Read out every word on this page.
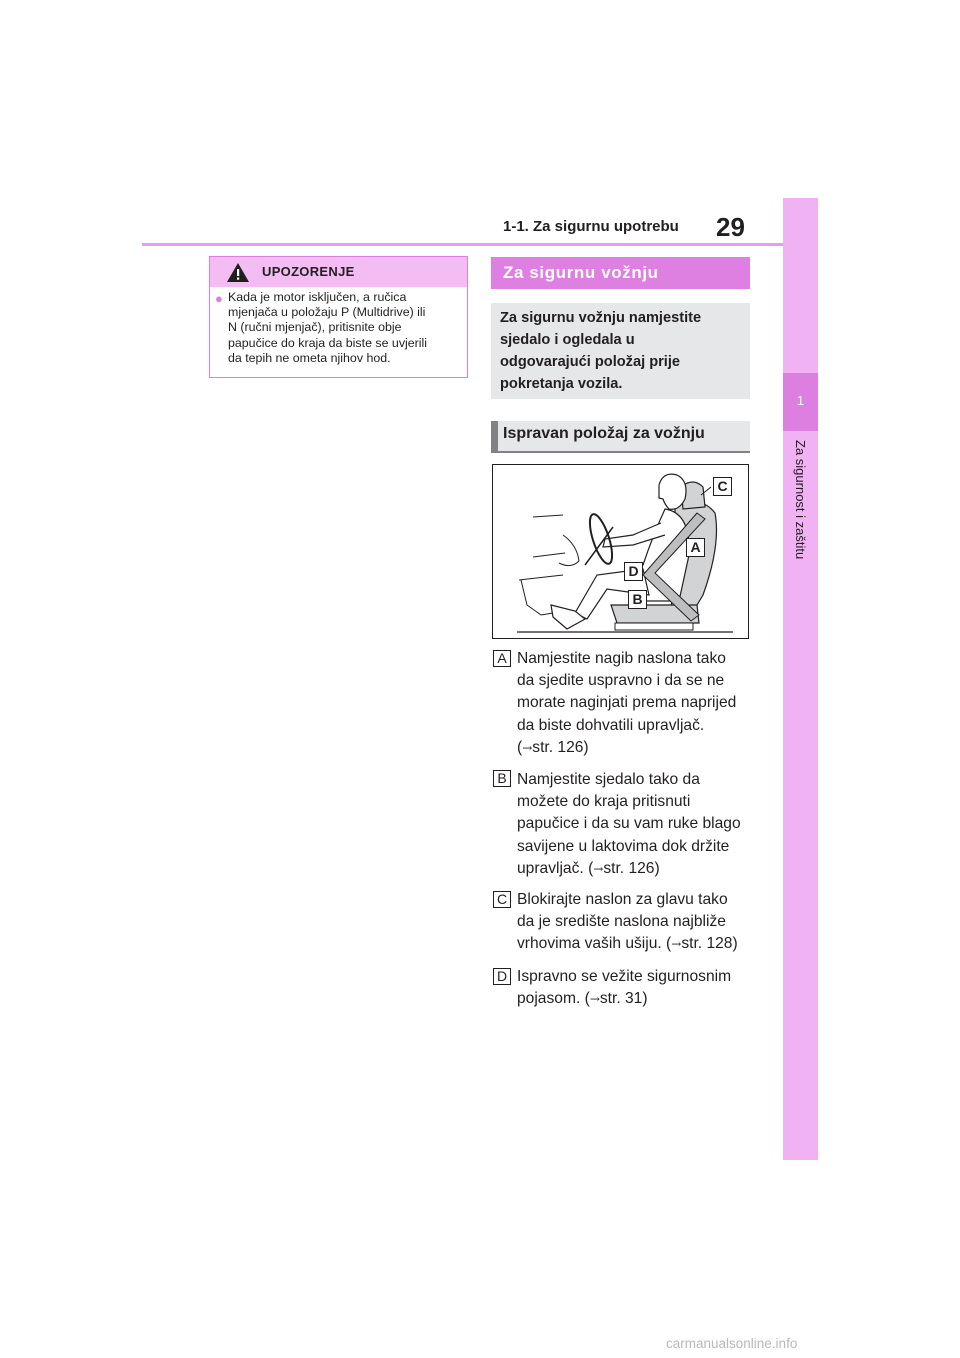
1-1. Za sigurnu upotrebu 29
1
Za sigurnost i zaštitu
UPOZORENJE
● Kada je motor isključen, a ručica
mjenjača u položaju P (Multidrive) ili
N (ručni mjenjač), pritisnite obje
papučice do kraja da biste se uvjerili
da tepih ne ometa njihov hod.
Za sigurnu vožnju
Za sigurnu vožnju namjestite
sjedalo i ogledala u
odgovarajući položaj prije
pokretanja vozila.
Ispravan položaj za vožnju
C
A
D
B
A Namjestite nagib naslona tako
da sjedite uspravno i da se ne
morate naginjati prema naprijed
da biste dohvatili upravljač.
(→str. 126)
B Namjestite sjedalo tako da
možete do kraja pritisnuti
papučice i da su vam ruke blago
savijene u laktovima dok držite
upravljač. (→str. 126)
C Blokirajte naslon za glavu tako
da je središte naslona najbliže
vrhovima vaših ušiju. (→str. 128)
D Ispravno se vežite sigurnosnim
pojasom. (→str. 31)
carmanualsonline.info
